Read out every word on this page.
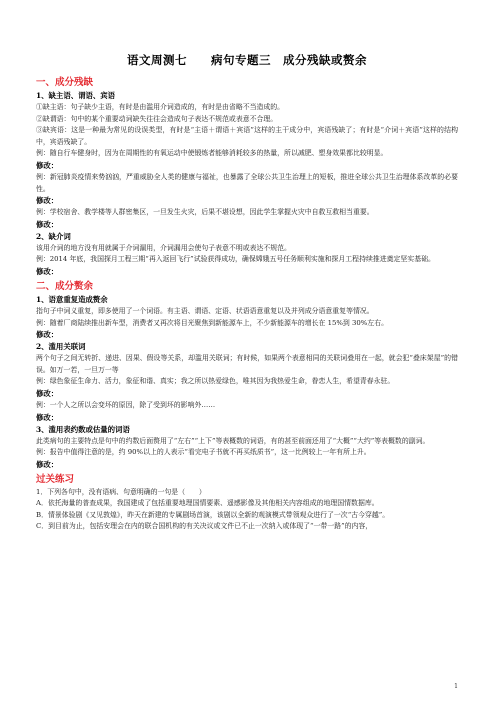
语文周测七　　病句专题三　成分残缺或赘余
一、成分残缺
1、缺主语、谓语、宾语
①缺主语：句子缺少主语，有时是由滥用介词造成的，有时是由省略不当造成的。
②缺谓语：句中的某个重要动词缺失往往会造成句子表达不规范或表意不合理。
③缺宾语：这是一种最为常见的设误类型，有时是“主语＋谓语＋宾语”这样的主干成分中，宾语残缺了；有时是“介词＋宾语”这样的结构中，宾语残缺了。
例：随自行车健身时，因为在周期性的有氧运动中使锻炼者能够消耗较多的热量，所以减肥、塑身效果都比较明显。
修改：
例：新冠肺炎疫情来势汹汹，严重威胁全人类的健康与福祉，也暴露了全球公共卫生治理上的短板，推进全球公共卫生治理体系改革的必要性。
修改：
例：学校宿舍、教学楼等人群密集区，一旦发生火灾，后果不堪设想，因此学生掌握火灾中自救互救相当重要。
修改：
2、缺介词
该用介词的地方没有用就属于介词漏用，介词漏用会使句子表意不明或表达不规范。
例：2014 年底，我国探月工程三期“再入返回飞行”试验获得成功，确保嫦娥五号任务顺利实施和探月工程持续推进奠定坚实基础。
修改：
二、成分赘余
1、语意重复造成赘余
指句子中词义重复，即多使用了一个词语。有主语、谓语、定语、状语语意重复以及并列成分语意重复等情况。
例：随着厂商陆续推出新车型，消费者又再次将目光聚焦到新能源车上，不少新能源车的增长在 15%到 30%左右。
修改：
2、滥用关联词
两个句子之间无转折、递进、因果、假设等关系，却滥用关联词；有时候，如果两个表意相同的关联词叠用在一起，就会犯“叠床架屋”的错误。如万一若，一旦万一等
例：绿色象征生命力、活力，象征和谐、真实；我之所以热爱绿色，唯其因为我热爱生命，眷恋人生，希望青春永驻。
修改：
例：一个人之所以会变坏的原因，除了受到坏的影响外……
修改：
3、滥用表约数或估量的词语
此类病句的主要特点是句中的约数后面赘用了“左右”“上下”等表概数的词语，有的甚至前面还用了“大概”“大约”等表概数的副词。
例：报告中值得注意的是，约 90%以上的人表示“看完电子书就不再买纸质书”，这一比例较上一年有所上升。
修改：
过关练习
1．下列各句中，没有语病、句意明确的一句是（　　）
A．依托海量的普查成果，我国建成了包括重要地理国情要素、遥感影像及其他相关内容组成的地理国情数据库。
B．情景体验剧《又见敦煌》，昨天在新建的专属剧场首演，该剧以全新的观演模式带领观众进行了一次“古今穿越”。
C．到目前为止，包括安理会在内的联合国机构的有关决议或文件已不止一次纳入或体现了“一带一路”的内容，
1
